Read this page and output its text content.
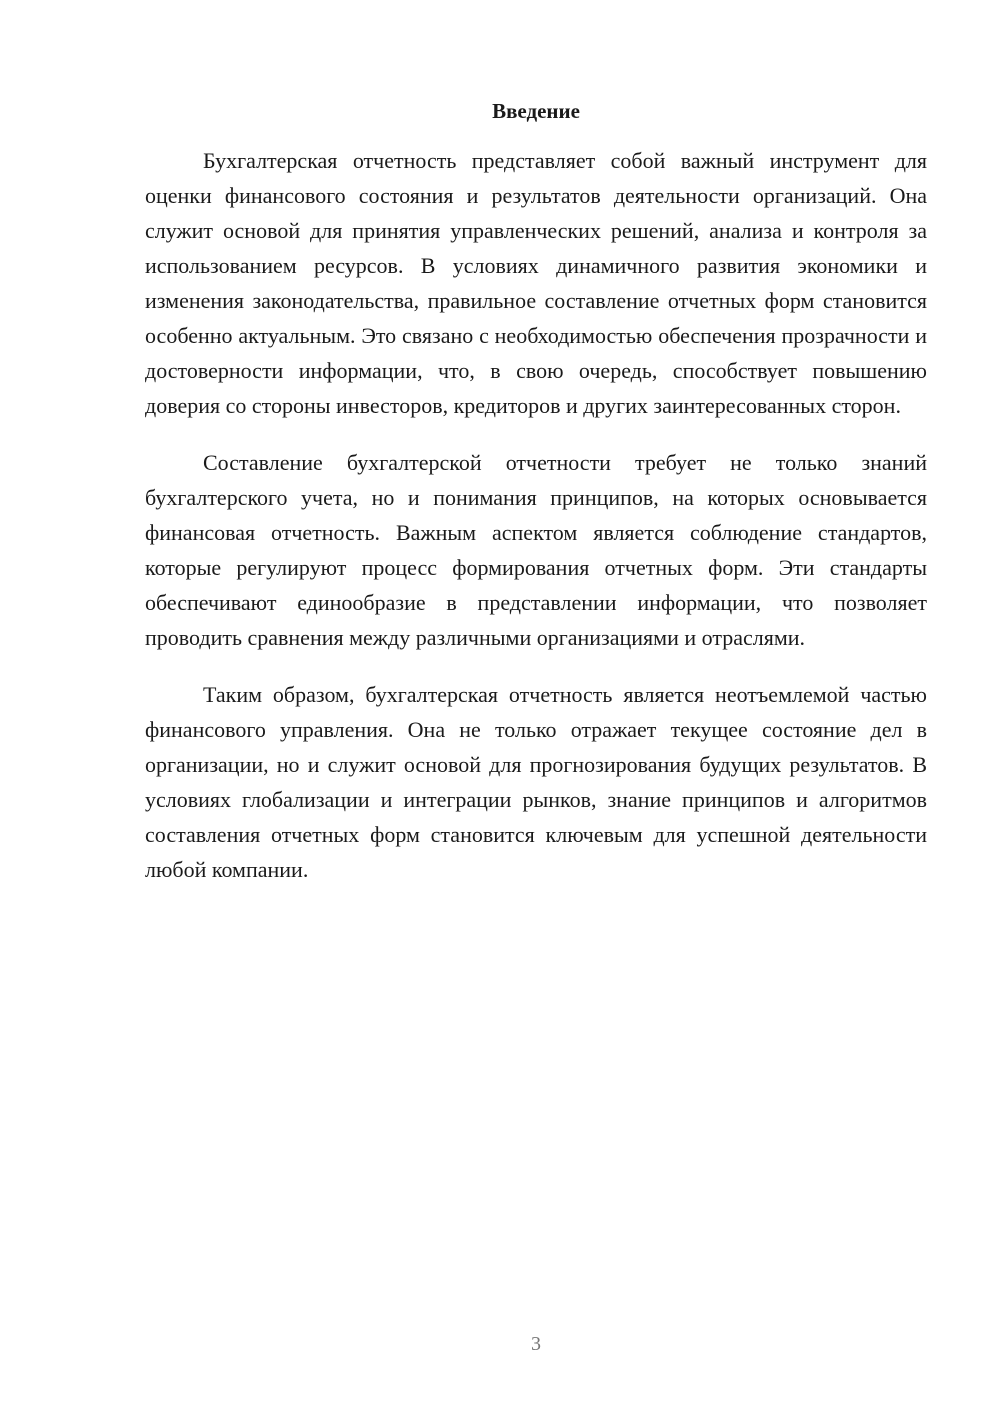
Введение

Бухгалтерская отчетность представляет собой важный инструмент для оценки финансового состояния и результатов деятельности организаций. Она служит основой для принятия управленческих решений, анализа и контроля за использованием ресурсов. В условиях динамичного развития экономики и изменения законодательства, правильное составление отчетных форм становится особенно актуальным. Это связано с необходимостью обеспечения прозрачности и достоверности информации, что, в свою очередь, способствует повышению доверия со стороны инвесторов, кредиторов и других заинтересованных сторон.

Составление бухгалтерской отчетности требует не только знаний бухгалтерского учета, но и понимания принципов, на которых основывается финансовая отчетность. Важным аспектом является соблюдение стандартов, которые регулируют процесс формирования отчетных форм. Эти стандарты обеспечивают единообразие в представлении информации, что позволяет проводить сравнения между различными организациями и отраслями.

Таким образом, бухгалтерская отчетность является неотъемлемой частью финансового управления. Она не только отражает текущее состояние дел в организации, но и служит основой для прогнозирования будущих результатов. В условиях глобализации и интеграции рынков, знание принципов и алгоритмов составления отчетных форм становится ключевым для успешной деятельности любой компании.

3
